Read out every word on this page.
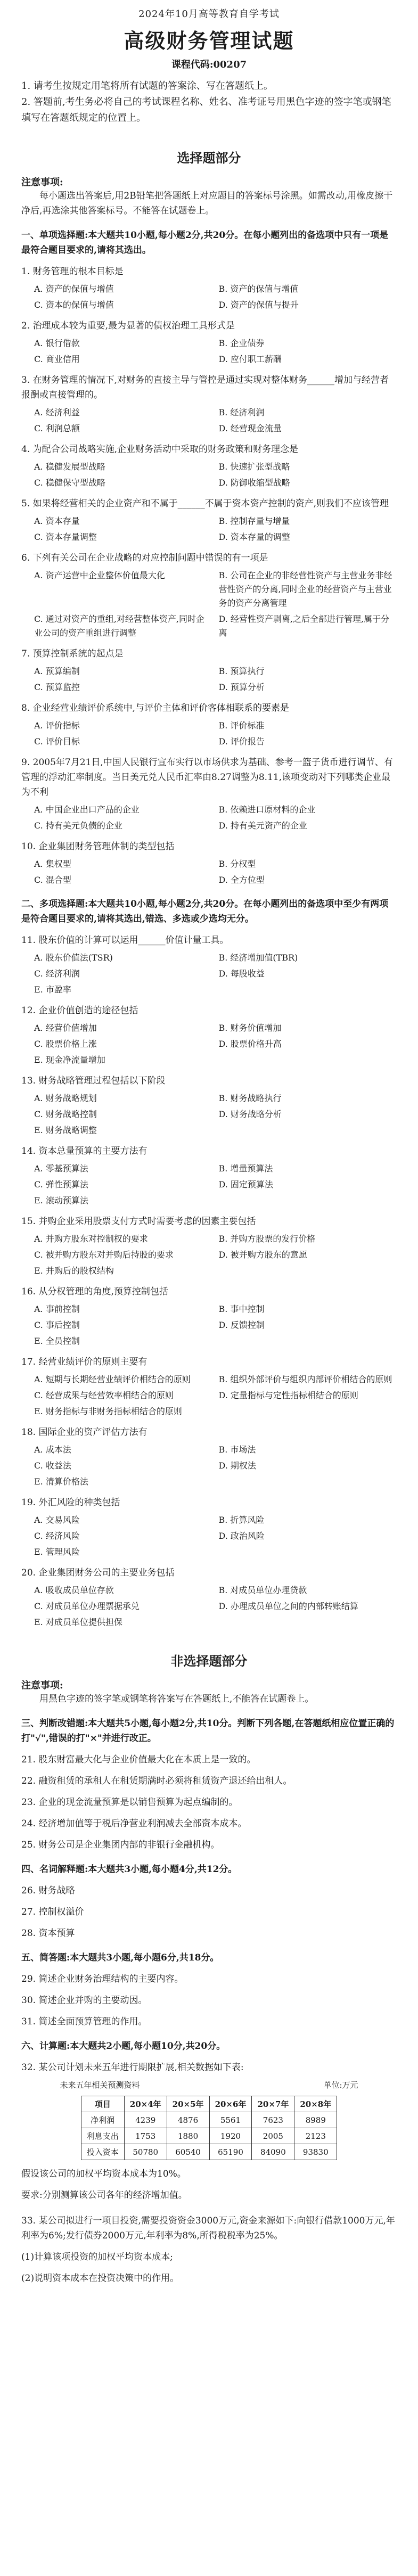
2024年10月高等教育自学考试
高级财务管理试题
课程代码:00207
1. 请考生按规定用笔将所有试题的答案涂、写在答题纸上。
2. 答题前,考生务必将自己的考试课程名称、姓名、准考证号用黑色字迹的签字笔或钢笔填写在答题纸规定的位置上。
选择题部分
注意事项:
每小题选出答案后,用2B铅笔把答题纸上对应题目的答案标号涂黑。如需改动,用橡皮擦干净后,再选涂其他答案标号。不能答在试题卷上。
一、单项选择题:本大题共10小题,每小题2分,共20分。在每小题列出的备选项中只有一项是最符合题目要求的,请将其选出。
1. 财务管理的根本目标是
A. 资产的保值与增值	B. 资产的保值与增值
C. 资本的保值与增值	D. 资产的保值与提升
2. 治理成本较为重要,最为显著的债权治理工具形式是
A. 银行借款	B. 企业债券
C. 商业信用	D. 应付职工薪酬
3. 在财务管理的情况下,对财务的直接主导与管控是通过实现对整体财务______增加与经营者报酬或直接管理的。
A. 经济利益	B. 经济利润
C. 利润总额	D. 经营现金流量
4. 为配合公司战略实施,企业财务活动中采取的财务政策和财务理念是
A. 稳健发展型战略	B. 快速扩张型战略
C. 稳健保守型战略	D. 防御收缩型战略
5. 如果将经营相关的企业资产和不属于______不属于资本资产控制的资产,则我们不应该管理
A. 资本存量	B. 控制存量与增量
C. 资本存量调整	D. 资本存量的调整
6. 下列有关公司在企业战略的对应控制问题中错误的有一项是
A. 资产运营中企业整体价值最大化	B. 公司在企业的非经营性资产与主营业务非经营性资产的分离,同时企业的经营资产与主营业务的资产分离管理
C. 通过对资产的重组,对经营整体资产,同时企业公司的资产重组进行调整
D. 经营性资产剥离,之后全部进行管理,属于分离
7. 预算控制系统的起点是
A. 预算编制	B. 预算执行
C. 预算监控	D. 预算分析
8. 企业经营业绩评价系统中,与评价主体和评价客体相联系的要素是
A. 评价指标	B. 评价标准
C. 评价目标	D. 评价报告
9. 2005年7月21日,中国人民银行宣布实行以市场供求为基础、参考一篮子货币进行调节、有管理的浮动汇率制度。当日美元兑人民币汇率由8.27调整为8.11,该项变动对下列哪类企业最为不利
A. 中国企业出口产品的企业	B. 依赖进口原材料的企业
C. 持有美元负债的企业	D. 持有美元资产的企业
10. 企业集团财务管理体制的类型包括
A. 集权型	B. 分权型
C. 混合型	D. 全方位型
二、多项选择题:本大题共10小题,每小题2分,共20分。在每小题列出的备选项中至少有两项是符合题目要求的,请将其选出,错选、多选或少选均无分。
11. 股东价值的计算可以运用______价值计量工具。
A. 股东价值法(TSR)	B. 经济增加值(TBR)
C. 经济利润	D. 每股收益
E. 市盈率
12. 企业价值创造的途径包括
A. 经营价值增加	B. 财务价值增加
C. 股票价格上涨	D. 股票价格升高
E. 现金净流量增加
13. 财务战略管理过程包括以下阶段
A. 财务战略规划	B. 财务战略执行
C. 财务战略控制	D. 财务战略分析
E. 财务战略调整
14. 资本总量预算的主要方法有
A. 零基预算法	B. 增量预算法
C. 弹性预算法	D. 固定预算法
E. 滚动预算法
15. 并购企业采用股票支付方式时需要考虑的因素主要包括
A. 并购方股东对控制权的要求	B. 并购方股票的发行价格
C. 被并购方股东对并购后持股的要求	D. 被并购方股东的意愿
E. 并购后的股权结构
16. 从分权管理的角度,预算控制包括
A. 事前控制	B. 事中控制
C. 事后控制	D. 反馈控制
E. 全员控制
17. 经营业绩评价的原则主要有
A. 短期与长期经营业绩评价相结合的原则	B. 组织外部评价与组织内部评价相结合的原则
C. 经营成果与经营效率相结合的原则	D. 定量指标与定性指标相结合的原则
E. 财务指标与非财务指标相结合的原则
18. 国际企业的资产评估方法有
A. 成本法	B. 市场法
C. 收益法	D. 期权法
E. 清算价格法
19. 外汇风险的种类包括
A. 交易风险	B. 折算风险
C. 经济风险	D. 政治风险
E. 管理风险
20. 企业集团财务公司的主要业务包括
A. 吸收成员单位存款	B. 对成员单位办理贷款
C. 对成员单位办理票据承兑	D. 办理成员单位之间的内部转账结算
E. 对成员单位提供担保
非选择题部分
注意事项:
用黑色字迹的签字笔或钢笔将答案写在答题纸上,不能答在试题卷上。
三、判断改错题:本大题共5小题,每小题2分,共10分。判断下列各题,在答题纸相应位置正确的打"√",错误的打"×"并进行改正。
21. 股东财富最大化与企业价值最大化在本质上是一致的。
22. 融资租赁的承租人在租赁期满时必须将租赁资产退还给出租人。
23. 企业的现金流量预算是以销售预算为起点编制的。
24. 经济增加值等于税后净营业利润减去全部资本成本。
25. 财务公司是企业集团内部的非银行金融机构。
四、名词解释题:本大题共3小题,每小题4分,共12分。
26. 财务战略
27. 控制权溢价
28. 资本预算
五、简答题:本大题共3小题,每小题6分,共18分。
29. 简述企业财务治理结构的主要内容。
30. 简述企业并购的主要动因。
31. 简述全面预算管理的作用。
六、计算题:本大题共2小题,每小题10分,共20分。
32. 某公司计划未来五年进行期限扩展,相关数据如下表:
未来五年相关预测资料	单位:万元
项目	20×4年	20×5年	20×6年	20×7年	20×8年
净利润	4239	4876	5561	7623	8989
利息支出	1753	1880	1920	2005	2123
投入资本	50780	60540	65190	84090	93830
假设该公司的加权平均资本成本为10%。
要求:分别测算该公司各年的经济增加值。
33. 某公司拟进行一项目投资,需要投资资金3000万元,资金来源如下:向银行借款1000万元,年利率为6%;发行债券2000万元,年利率为8%,所得税税率为25%。
(1)计算该项投资的加权平均资本成本;
(2)说明资本成本在投资决策中的作用。
